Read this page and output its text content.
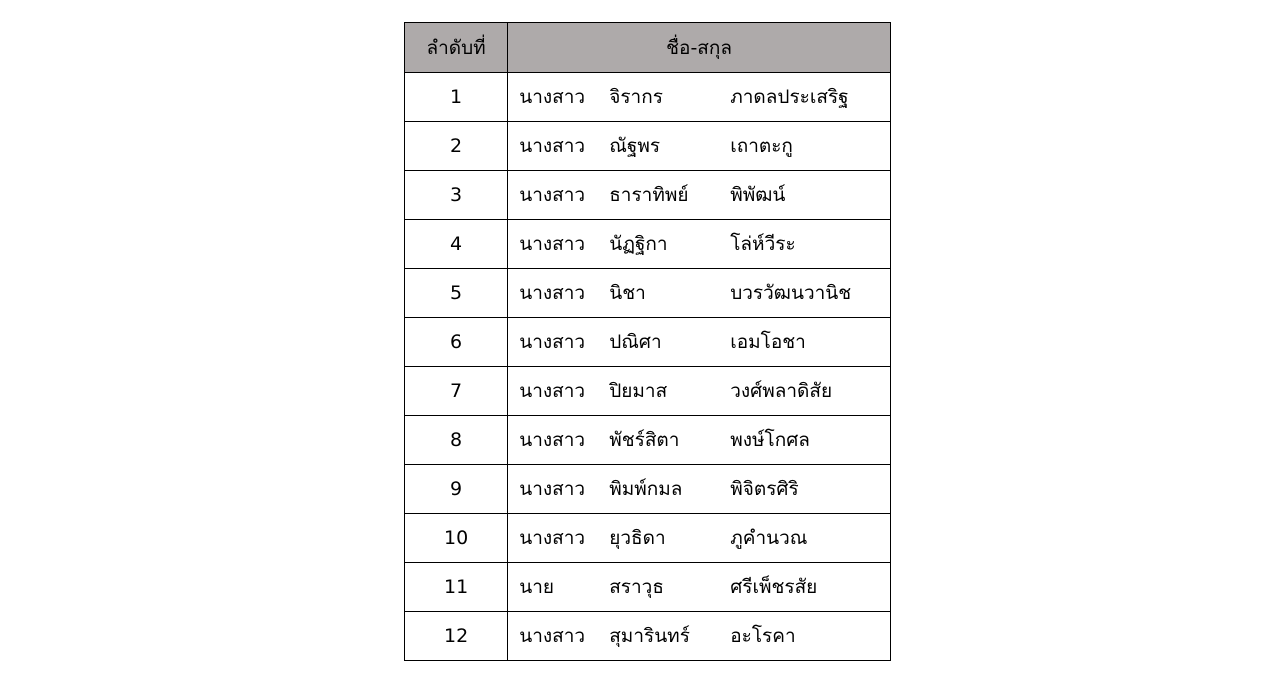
ลำดับที่	ชื่อ-สกุล
1	นางสาว จิรากร ภาดลประเสริฐ

2	นางสาว ณัฐพร เถาตะกู

3	นางสาว ธาราทิพย์ พิพัฒน์

4	นางสาว นัฏฐิกา โล่ห์วีระ

5	นางสาว นิชา บวรวัฒนวานิช

6	นางสาว ปณิศา เอมโอชา

7	นางสาว ปิยมาส วงศ์พลาดิสัย

8	นางสาว พัชร์สิตา พงษ์โกศล

9	นางสาว พิมพ์กมล พิจิตรศิริ

10	นางสาว ยุวธิดา ภูคำนวณ

11	นาย สราวุธ ศรีเพ็ชรสัย

12	นางสาว สุมารินทร์ อะโรคา
